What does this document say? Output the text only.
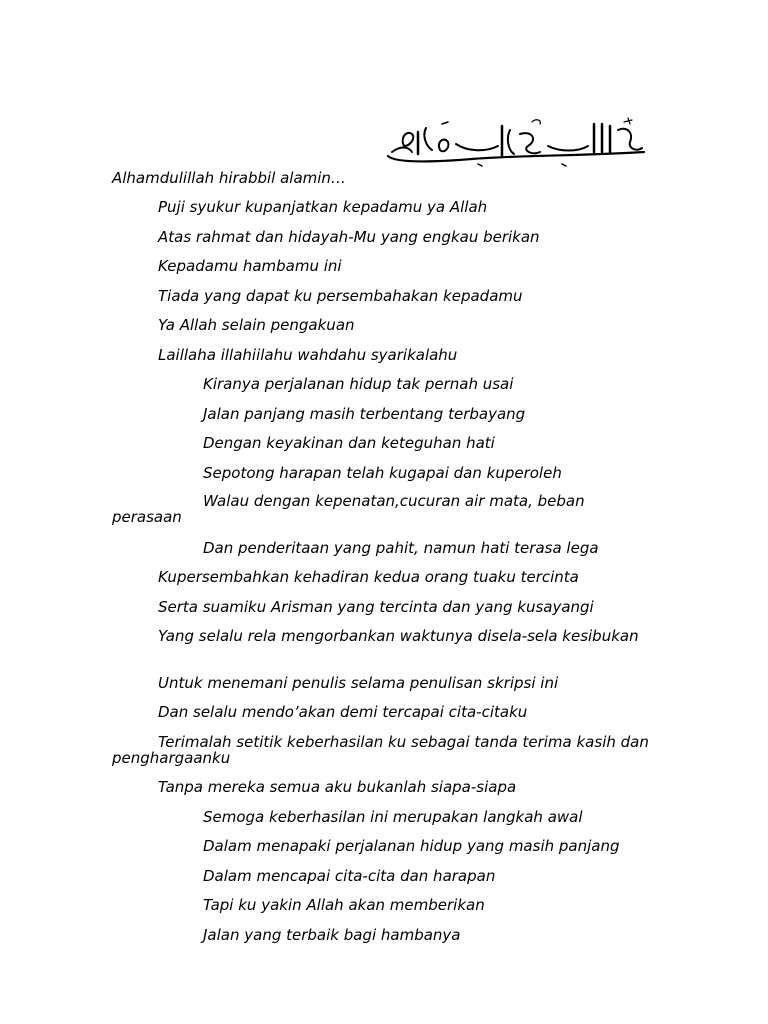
Alhamdulillah hirabbil alamin…
Puji syukur kupanjatkan kepadamu ya Allah
Atas rahmat dan hidayah-Mu yang engkau berikan
Kepadamu hambamu ini
Tiada yang dapat ku persembahakan kepadamu
Ya Allah selain pengakuan
Laillaha illahiilahu wahdahu syarikalahu
Kiranya perjalanan hidup tak pernah usai
Jalan panjang masih terbentang terbayang
Dengan keyakinan dan keteguhan hati
Sepotong harapan telah kugapai dan kuperoleh
Walau dengan kepenatan,cucuran air mata, beban perasaan
Dan penderitaan yang pahit, namun hati terasa lega
Kupersembahkan kehadiran kedua orang tuaku tercinta
Serta suamiku Arisman yang tercinta dan yang kusayangi
Yang selalu rela mengorbankan waktunya disela-sela kesibukan
Untuk menemani penulis selama penulisan skripsi ini
Dan selalu mendo’akan demi tercapai cita-citaku
Terimalah setitik keberhasilan ku sebagai tanda terima kasih dan penghargaanku
Tanpa mereka semua aku bukanlah siapa-siapa
Semoga keberhasilan ini merupakan langkah awal
Dalam menapaki perjalanan hidup yang masih panjang
Dalam mencapai cita-cita dan harapan
Tapi ku yakin Allah akan memberikan
Jalan yang terbaik bagi hambanya
